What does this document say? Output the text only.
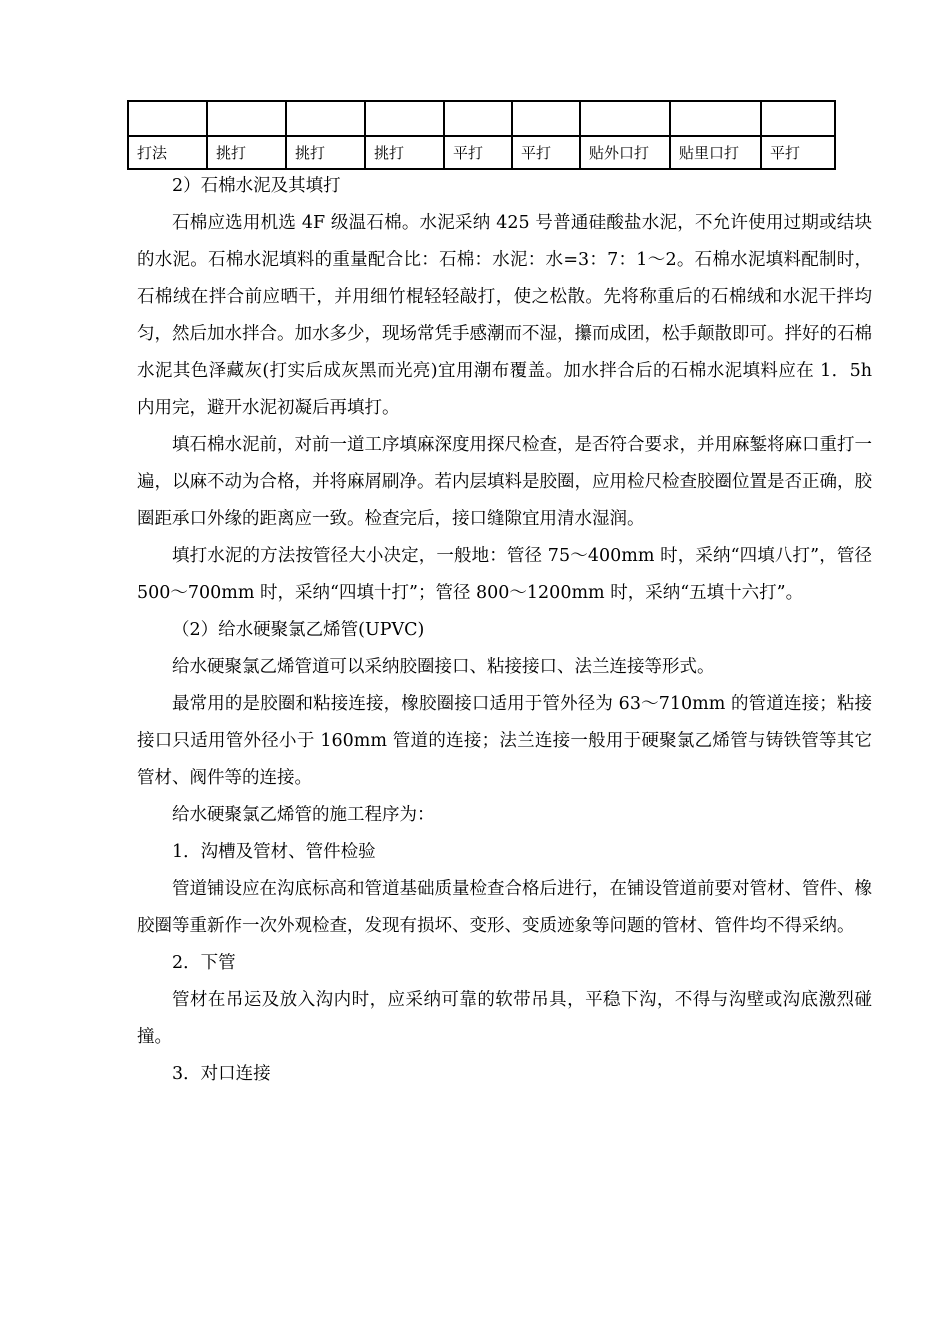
打法	挑打	挑打	挑打	平打	平打	贴外口打	贴里口打	平打

2）石棉水泥及其填打

石棉应选用机选 4F 级温石棉。水泥采纳 425 号普通硅酸盐水泥，不允许使用过期或结块的水泥。石棉水泥填料的重量配合比：石棉：水泥：水=3：7：1～2。石棉水泥填料配制时，石棉绒在拌合前应晒干，并用细竹棍轻轻敲打，使之松散。先将称重后的石棉绒和水泥干拌均匀，然后加水拌合。加水多少，现场常凭手感潮而不湿，攥而成团，松手颠散即可。拌好的石棉水泥其色泽藏灰(打实后成灰黑而光亮)宜用潮布覆盖。加水拌合后的石棉水泥填料应在 1．5h 内用完，避开水泥初凝后再填打。

填石棉水泥前，对前一道工序填麻深度用探尺检查，是否符合要求，并用麻錾将麻口重打一遍，以麻不动为合格，并将麻屑刷净。若内层填料是胶圈，应用检尺检查胶圈位置是否正确，胶圈距承口外缘的距离应一致。检查完后，接口缝隙宜用清水湿润。

填打水泥的方法按管径大小决定，一般地：管径 75～400mm 时，采纳“四填八打”，管径 500～700mm 时，采纳“四填十打”；管径 800～1200mm 时，采纳“五填十六打”。

（2）给水硬聚氯乙烯管(UPVC)

给水硬聚氯乙烯管道可以采纳胶圈接口、粘接接口、法兰连接等形式。

最常用的是胶圈和粘接连接，橡胶圈接口适用于管外径为 63～710mm 的管道连接；粘接接口只适用管外径小于 160mm 管道的连接；法兰连接一般用于硬聚氯乙烯管与铸铁管等其它管材、阀件等的连接。

给水硬聚氯乙烯管的施工程序为：

1．沟槽及管材、管件检验

管道铺设应在沟底标高和管道基础质量检查合格后进行，在铺设管道前要对管材、管件、橡胶圈等重新作一次外观检查，发现有损坏、变形、变质迹象等问题的管材、管件均不得采纳。

2．下管

管材在吊运及放入沟内时，应采纳可靠的软带吊具，平稳下沟，不得与沟壁或沟底激烈碰撞。

3．对口连接
